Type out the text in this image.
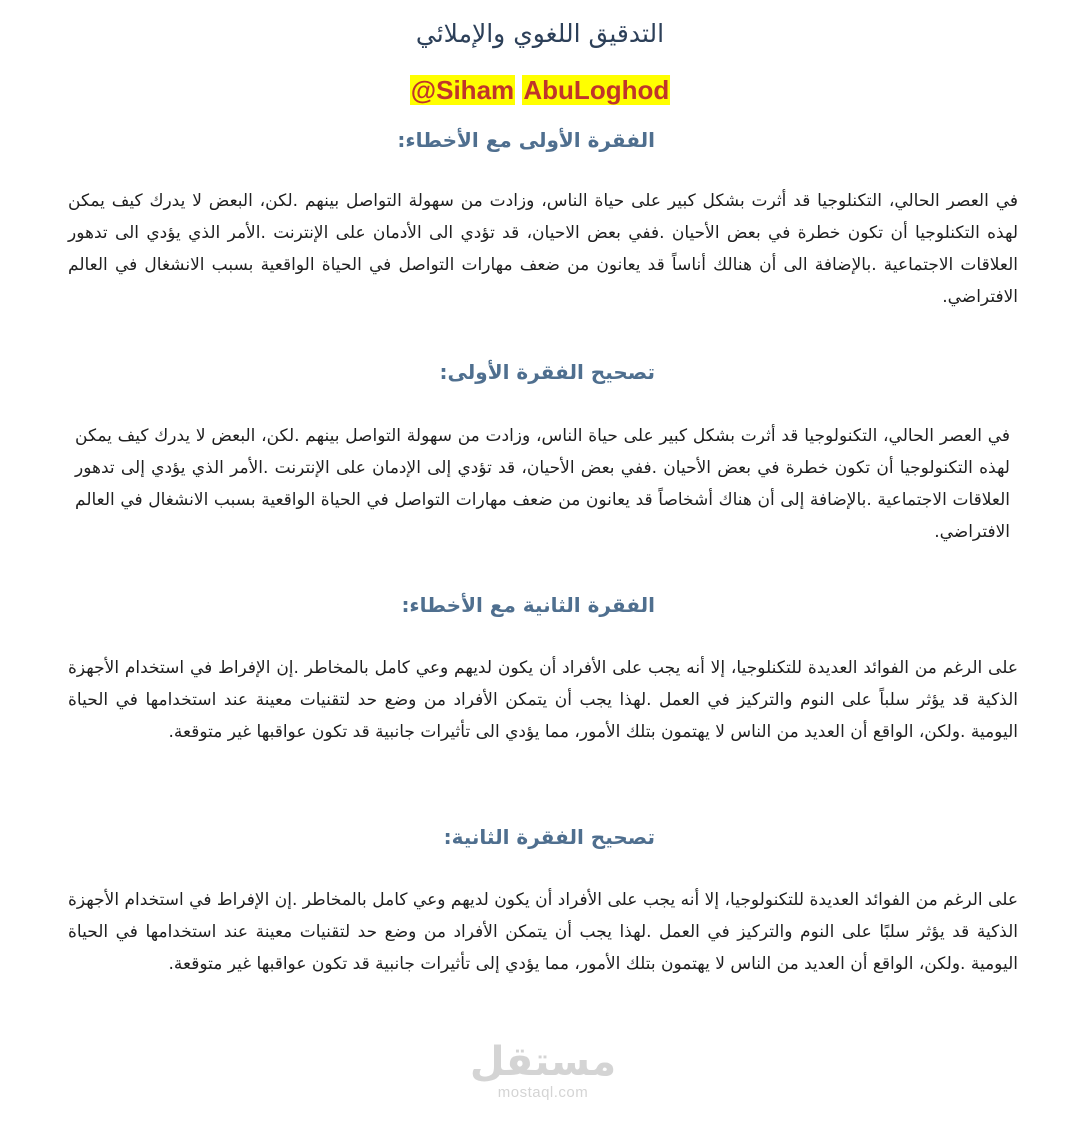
التدقيق اللغوي والإملائي
@Siham AbuLoghod
الفقرة الأولى مع الأخطاء:
في العصر الحالي، التكنلوجيا قد أثرت بشكل كبير على حياة الناس، وزادت من سهولة التواصل بينهم .لكن، البعض لا يدرك كيف يمكن لهذه التكنلوجيا أن تكون خطرة في بعض الأحيان .ففي بعض الاحيان، قد تؤدي الى الأدمان على الإنترنت .الأمر الذي يؤدي الى تدهور العلاقات الاجتماعية .بالإضافة الى أن هنالك أناساً قد يعانون من ضعف مهارات التواصل في الحياة الواقعية بسبب الانشغال في العالم الافتراضي.
تصحيح الفقرة الأولى:
في العصر الحالي، التكنولوجيا قد أثرت بشكل كبير على حياة الناس، وزادت من سهولة التواصل بينهم .لكن، البعض لا يدرك كيف يمكن لهذه التكنولوجيا أن تكون خطرة في بعض الأحيان .ففي بعض الأحيان، قد تؤدي إلى الإدمان على الإنترنت .الأمر الذي يؤدي إلى تدهور العلاقات الاجتماعية .بالإضافة إلى أن هناك أشخاصاً قد يعانون من ضعف مهارات التواصل في الحياة الواقعية بسبب الانشغال في العالم الافتراضي.
الفقرة الثانية مع الأخطاء:
على الرغم من الفوائد العديدة للتكنلوجيا، إلا أنه يجب على الأفراد أن يكون لديهم وعي كامل بالمخاطر .إن الإفراط في استخدام الأجهزة الذكية قد يؤثر سلباً على النوم والتركيز في العمل .لهذا يجب أن يتمكن الأفراد من وضع حد لتقنيات معينة عند استخدامها في الحياة اليومية .ولكن، الواقع أن العديد من الناس لا يهتمون بتلك الأمور، مما يؤدي الى تأثيرات جانبية قد تكون عواقبها غير متوقعة.
تصحيح الفقرة الثانية:
على الرغم من الفوائد العديدة للتكنولوجيا، إلا أنه يجب على الأفراد أن يكون لديهم وعي كامل بالمخاطر .إن الإفراط في استخدام الأجهزة الذكية قد يؤثر سلبًا على النوم والتركيز في العمل .لهذا يجب أن يتمكن الأفراد من وضع حد لتقنيات معينة عند استخدامها في الحياة اليومية .ولكن، الواقع أن العديد من الناس لا يهتمون بتلك الأمور، مما يؤدي إلى تأثيرات جانبية قد تكون عواقبها غير متوقعة.
مستقل
mostaql.com
